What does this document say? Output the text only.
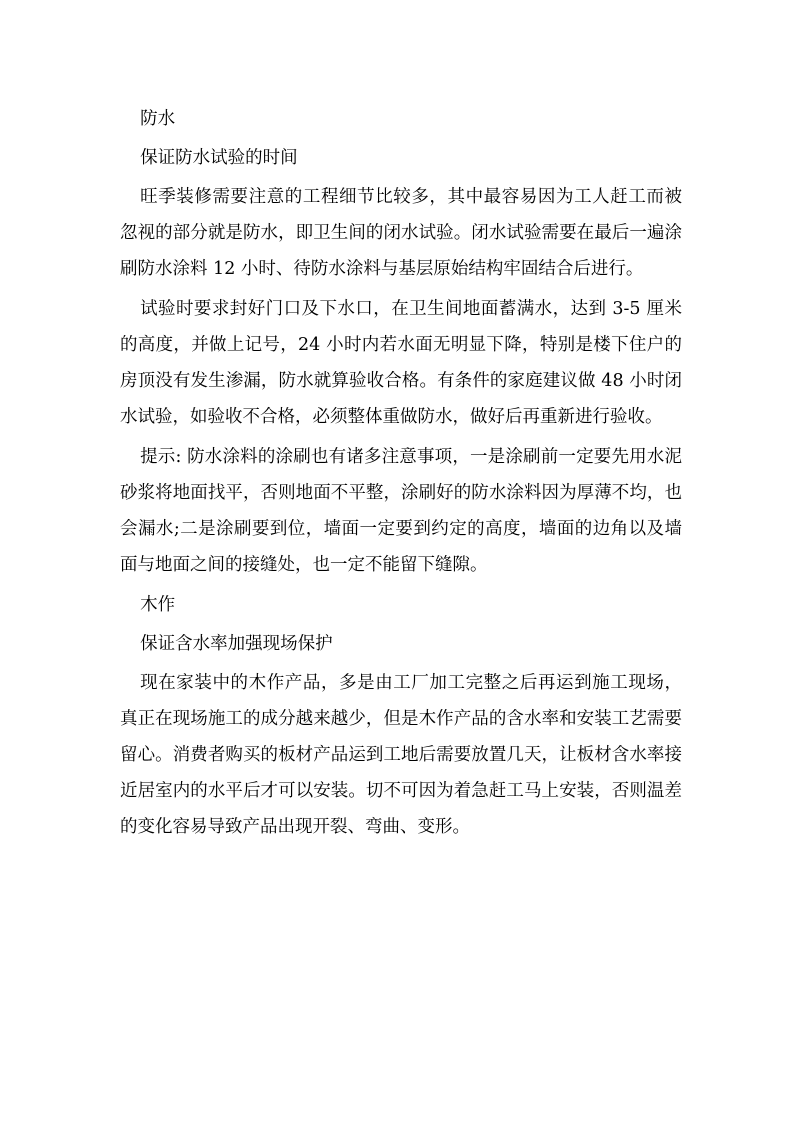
防水

保证防水试验的时间

旺季装修需要注意的工程细节比较多，其中最容易因为工人赶工而被忽视的部分就是防水，即卫生间的闭水试验。闭水试验需要在最后一遍涂刷防水涂料 12 小时、待防水涂料与基层原始结构牢固结合后进行。

试验时要求封好门口及下水口，在卫生间地面蓄满水，达到 3-5 厘米的高度，并做上记号，24 小时内若水面无明显下降，特别是楼下住户的房顶没有发生渗漏，防水就算验收合格。有条件的家庭建议做 48 小时闭水试验，如验收不合格，必须整体重做防水，做好后再重新进行验收。

提示: 防水涂料的涂刷也有诸多注意事项，一是涂刷前一定要先用水泥砂浆将地面找平，否则地面不平整，涂刷好的防水涂料因为厚薄不均，也会漏水;二是涂刷要到位，墙面一定要到约定的高度，墙面的边角以及墙面与地面之间的接缝处，也一定不能留下缝隙。

木作

保证含水率加强现场保护

现在家装中的木作产品，多是由工厂加工完整之后再运到施工现场，真正在现场施工的成分越来越少，但是木作产品的含水率和安装工艺需要留心。消费者购买的板材产品运到工地后需要放置几天，让板材含水率接近居室内的水平后才可以安装。切不可因为着急赶工马上安装，否则温差的变化容易导致产品出现开裂、弯曲、变形。
